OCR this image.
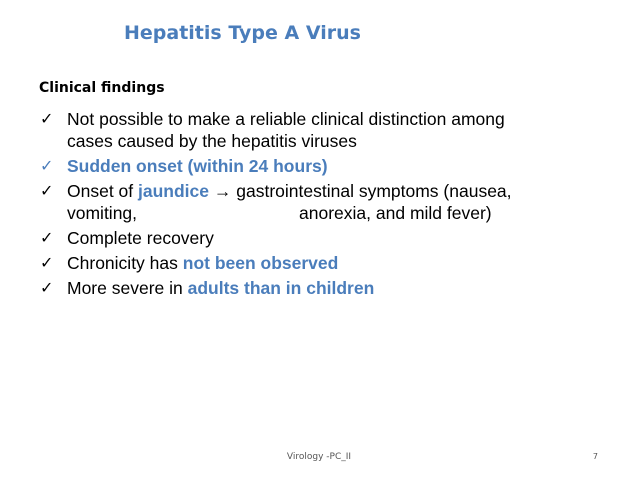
Hepatitis Type A Virus
Clinical findings
✓ Not possible to make a reliable clinical distinction among
cases caused by the hepatitis viruses
✓ Sudden onset (within 24 hours)
✓ Onset of jaundice → gastrointestinal symptoms (nausea,
vomiting,	anorexia, and mild fever)
✓ Complete recovery
✓ Chronicity has not been observed
✓ More severe in adults than in children
Virology -PC_II	7
